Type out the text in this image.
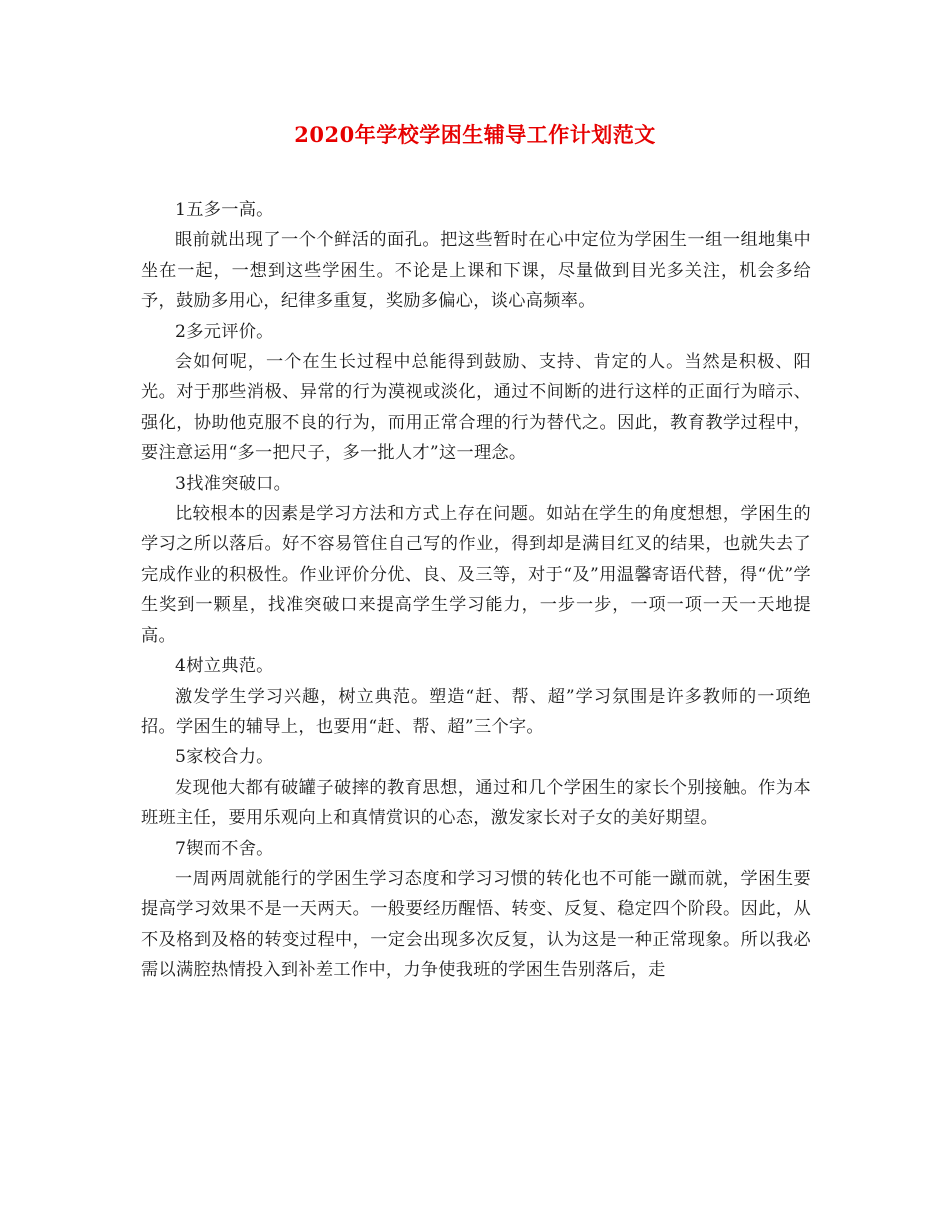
2020年学校学困生辅导工作计划范文

1五多一高。

眼前就出现了一个个鲜活的面孔。把这些暂时在心中定位为学困生一组一组地集中坐在一起，一想到这些学困生。不论是上课和下课，尽量做到目光多关注，机会多给予，鼓励多用心，纪律多重复，奖励多偏心，谈心高频率。

2多元评价。

会如何呢，一个在生长过程中总能得到鼓励、支持、肯定的人。当然是积极、阳光。对于那些消极、异常的行为漠视或淡化，通过不间断的进行这样的正面行为暗示、强化，协助他克服不良的行为，而用正常合理的行为替代之。因此，教育教学过程中，要注意运用“多一把尺子，多一批人才”这一理念。

3找准突破口。

比较根本的因素是学习方法和方式上存在问题。如站在学生的角度想想，学困生的学习之所以落后。好不容易管住自己写的作业，得到却是满目红叉的结果，也就失去了完成作业的积极性。作业评价分优、良、及三等，对于“及”用温馨寄语代替，得“优”学生奖到一颗星，找准突破口来提高学生学习能力，一步一步，一项一项一天一天地提高。

4树立典范。

激发学生学习兴趣，树立典范。塑造“赶、帮、超”学习氛围是许多教师的一项绝招。学困生的辅导上，也要用“赶、帮、超”三个字。

5家校合力。

发现他大都有破罐子破摔的教育思想，通过和几个学困生的家长个别接触。作为本班班主任，要用乐观向上和真情赏识的心态，激发家长对子女的美好期望。

7锲而不舍。

一周两周就能行的学困生学习态度和学习习惯的转化也不可能一蹴而就，学困生要提高学习效果不是一天两天。一般要经历醒悟、转变、反复、稳定四个阶段。因此，从不及格到及格的转变过程中，一定会出现多次反复，认为这是一种正常现象。所以我必需以满腔热情投入到补差工作中，力争使我班的学困生告别落后，走
